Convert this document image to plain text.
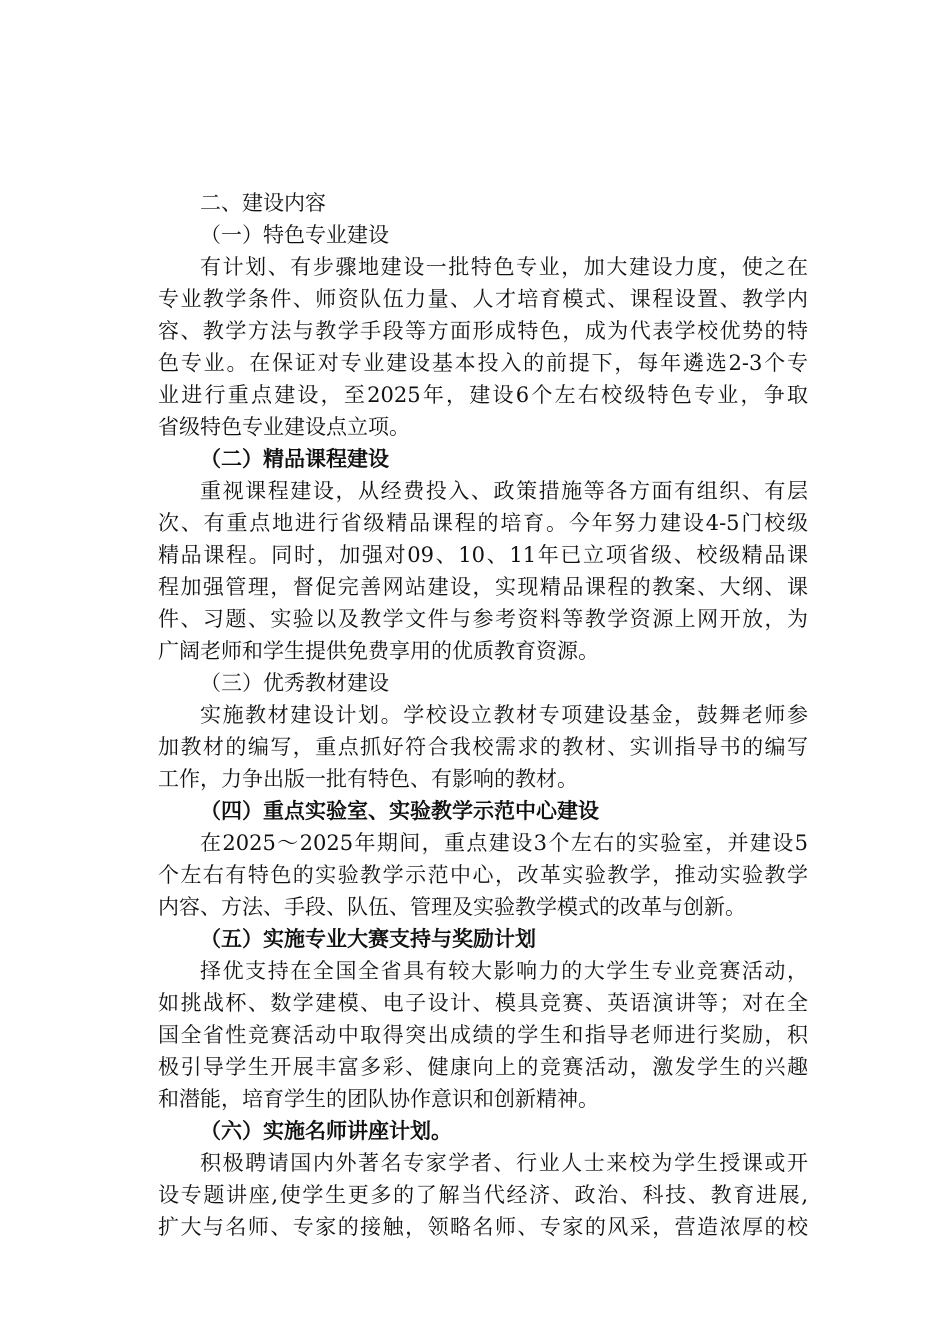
二、建设内容
（一）特色专业建设
有计划、有步骤地建设一批特色专业，加大建设力度，使之在
专业教学条件、师资队伍力量、人才培育模式、课程设置、教学内
容、教学方法与教学手段等方面形成特色，成为代表学校优势的特
色专业。在保证对专业建设基本投入的前提下，每年遴选2-3个专
业进行重点建设，至2025年，建设6个左右校级特色专业，争取
省级特色专业建设点立项。
（二）精品课程建设
重视课程建设，从经费投入、政策措施等各方面有组织、有层
次、有重点地进行省级精品课程的培育。今年努力建设4-5门校级
精品课程。同时，加强对09、10、11年已立项省级、校级精品课
程加强管理，督促完善网站建设，实现精品课程的教案、大纲、课
件、习题、实验以及教学文件与参考资料等教学资源上网开放，为
广阔老师和学生提供免费享用的优质教育资源。
（三）优秀教材建设
实施教材建设计划。学校设立教材专项建设基金，鼓舞老师参
加教材的编写，重点抓好符合我校需求的教材、实训指导书的编写
工作，力争出版一批有特色、有影响的教材。
（四）重点实验室、实验教学示范中心建设
在2025～2025年期间，重点建设3个左右的实验室，并建设5
个左右有特色的实验教学示范中心，改革实验教学，推动实验教学
内容、方法、手段、队伍、管理及实验教学模式的改革与创新。
（五）实施专业大赛支持与奖励计划
择优支持在全国全省具有较大影响力的大学生专业竞赛活动，
如挑战杯、数学建模、电子设计、模具竞赛、英语演讲等；对在全
国全省性竞赛活动中取得突出成绩的学生和指导老师进行奖励，积
极引导学生开展丰富多彩、健康向上的竞赛活动，激发学生的兴趣
和潜能，培育学生的团队协作意识和创新精神。
（六）实施名师讲座计划。
积极聘请国内外著名专家学者、行业人士来校为学生授课或开
设专题讲座,使学生更多的了解当代经济、政治、科技、教育进展,
扩大与名师、专家的接触，领略名师、专家的风采，营造浓厚的校
